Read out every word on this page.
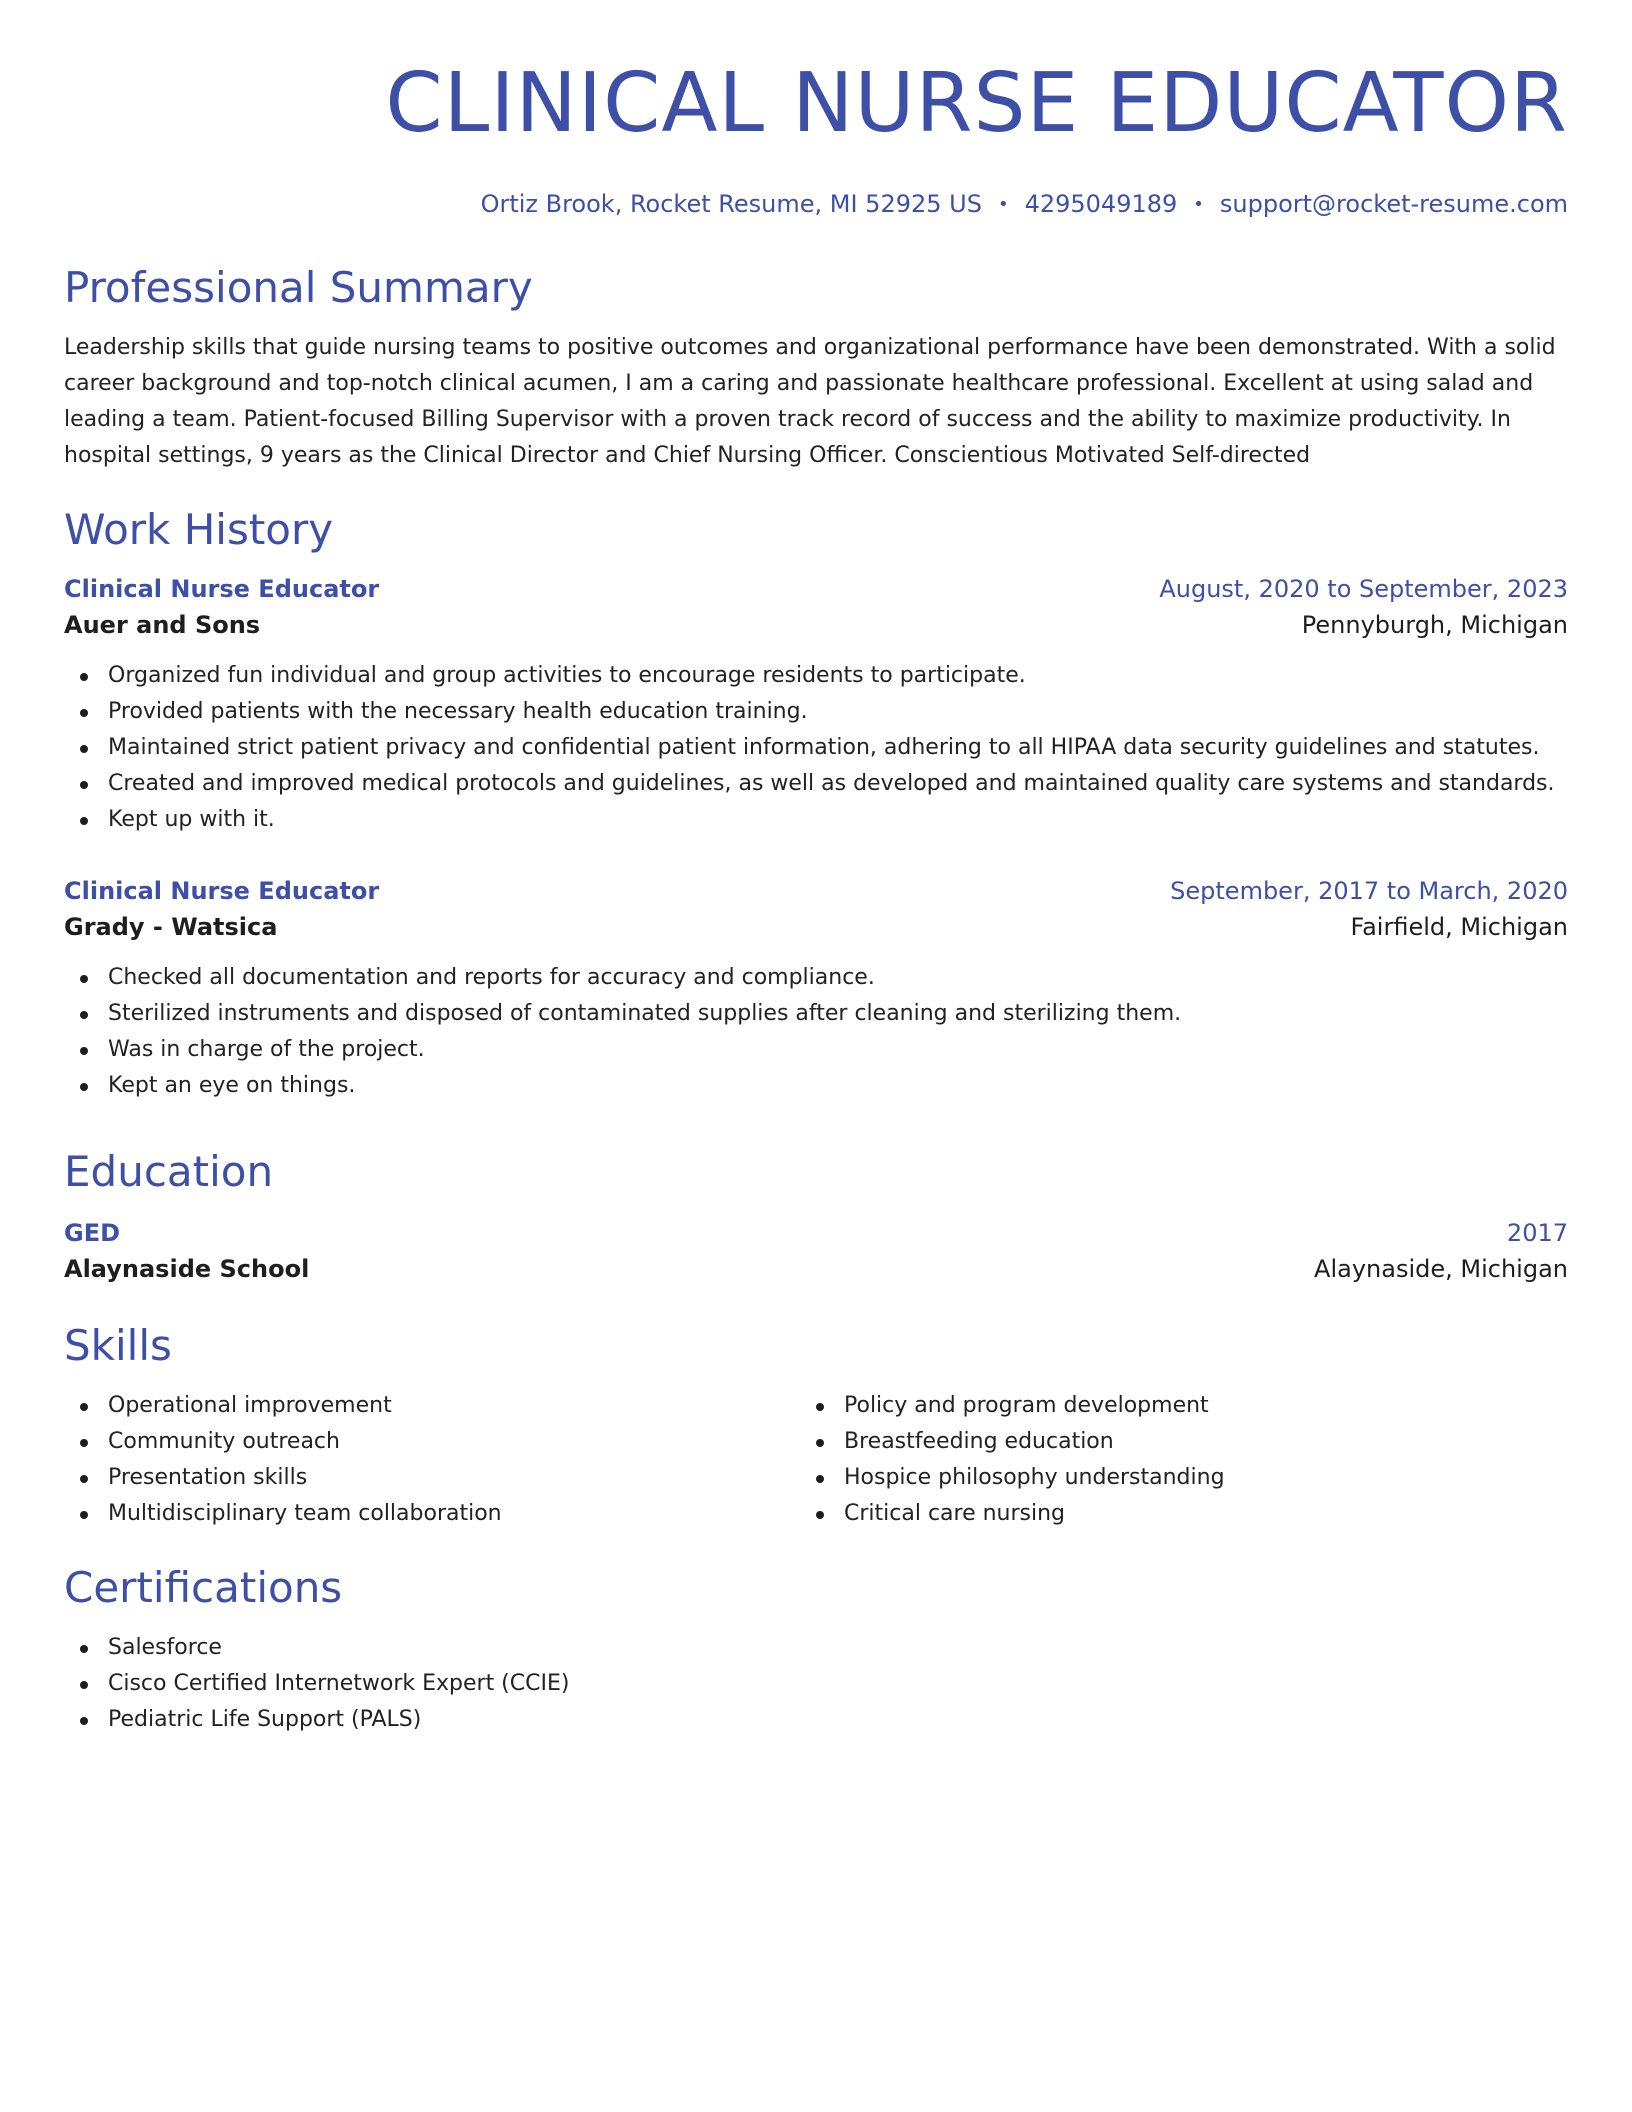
CLINICAL NURSE EDUCATOR
Ortiz Brook, Rocket Resume, MI 52925 US • 4295049189 • support@rocket-resume.com
Professional Summary

Leadership skills that guide nursing teams to positive outcomes and organizational performance have been demonstrated. With a solid career background and top-notch clinical acumen, I am a caring and passionate healthcare professional. Excellent at using salad and leading a team. Patient-focused Billing Supervisor with a proven track record of success and the ability to maximize productivity. In hospital settings, 9 years as the Clinical Director and Chief Nursing Officer. Conscientious Motivated Self-directed

Work History
Clinical Nurse Educator	August, 2020 to September, 2023
Auer and Sons	Pennyburgh, Michigan
Organized fun individual and group activities to encourage residents to participate.
Provided patients with the necessary health education training.
Maintained strict patient privacy and confidential patient information, adhering to all HIPAA data security guidelines and statutes.
Created and improved medical protocols and guidelines, as well as developed and maintained quality care systems and standards.
Kept up with it.
Clinical Nurse Educator	September, 2017 to March, 2020
Grady - Watsica	Fairfield, Michigan
Checked all documentation and reports for accuracy and compliance.
Sterilized instruments and disposed of contaminated supplies after cleaning and sterilizing them.
Was in charge of the project.
Kept an eye on things.
Education
GED	2017
Alaynaside School	Alaynaside, Michigan
Skills
Operational improvement
Community outreach
Presentation skills
Multidisciplinary team collaboration
Policy and program development
Breastfeeding education
Hospice philosophy understanding
Critical care nursing
Certifications
Salesforce
Cisco Certified Internetwork Expert (CCIE)
Pediatric Life Support (PALS)
